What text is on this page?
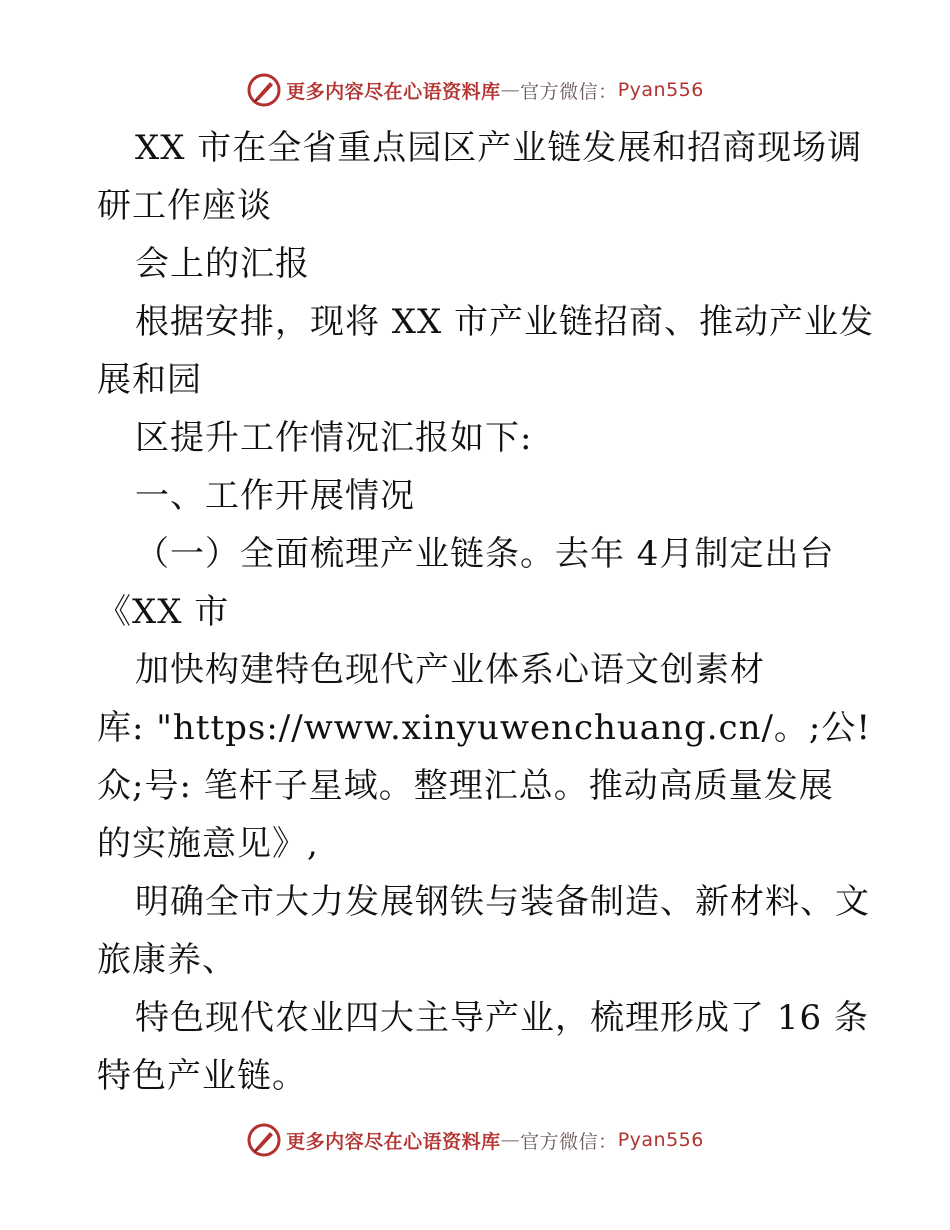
更多内容尽在心语资料库 — 官方微信： Pyan556
XX 市在全省重点园区产业链发展和招商现场调
研工作座谈
会上的汇报
根据安排，现将 XX 市产业链招商、推动产业发
展和园
区提升工作情况汇报如下:
一、工作开展情况
（一）全面梳理产业链条。去年 4月制定出台
《XX 市
加快构建特色现代产业体系心语文创素材
库: "https://www.xinyuwenchuang.cn/。;公!
众;号: 笔杆子星域。整理汇总。推动高质量发展
的实施意见》,
明确全市大力发展钢铁与装备制造、新材料、文
旅康养、
特色现代农业四大主导产业，梳理形成了 16 条
特色产业链。
更多内容尽在心语资料库 — 官方微信： Pyan556
